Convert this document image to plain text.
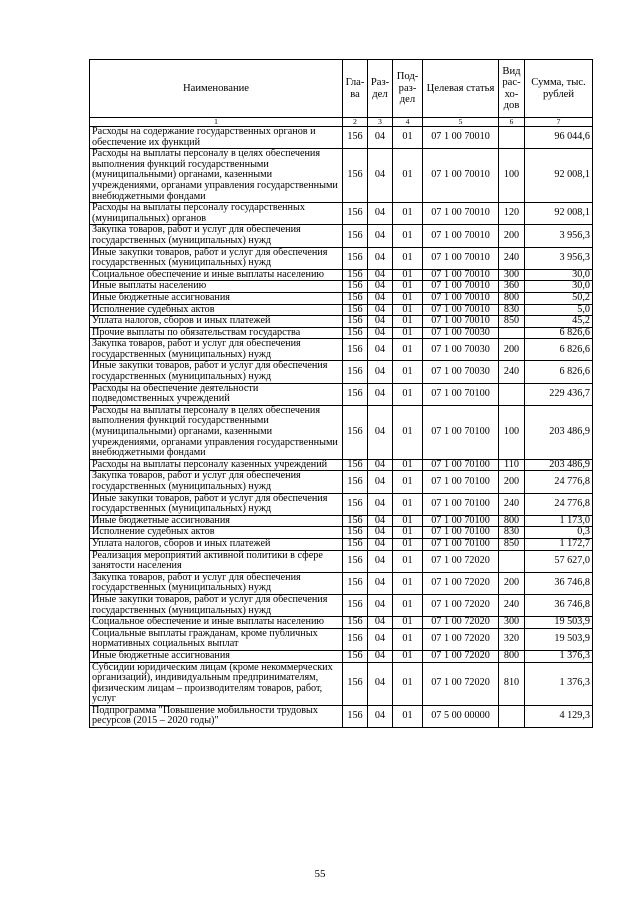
Наименование	Гла-ва	Раз-дел	Под-раз-дел	Целевая статья	Вид рас-хо-дов	Сумма, тыс. рублей
1	2	3	4	5	6	7
Расходы на содержание государственных органов и обеспечение их функций	156	04	01	07 1 00 70010		96 044,6
Расходы на выплаты персоналу в целях обеспечения выполнения функций государственными (муниципальными) органами, казенными учреждениями, органами управления государственными внебюджетными фондами	156	04	01	07 1 00 70010	100	92 008,1
Расходы на выплаты персоналу государственных (муниципальных) органов	156	04	01	07 1 00 70010	120	92 008,1
Закупка товаров, работ и услуг для обеспечения государственных (муниципальных) нужд	156	04	01	07 1 00 70010	200	3 956,3
Иные закупки товаров, работ и услуг для обеспечения государственных (муниципальных) нужд	156	04	01	07 1 00 70010	240	3 956,3
Социальное обеспечение и иные выплаты населению	156	04	01	07 1 00 70010	300	30,0
Иные выплаты населению	156	04	01	07 1 00 70010	360	30,0
Иные бюджетные ассигнования	156	04	01	07 1 00 70010	800	50,2
Исполнение судебных актов	156	04	01	07 1 00 70010	830	5,0
Уплата налогов, сборов и иных платежей	156	04	01	07 1 00 70010	850	45,2
Прочие выплаты по обязательствам государства	156	04	01	07 1 00 70030		6 826,6
Закупка товаров, работ и услуг для обеспечения государственных (муниципальных) нужд	156	04	01	07 1 00 70030	200	6 826,6
Иные закупки товаров, работ и услуг для обеспечения государственных (муниципальных) нужд	156	04	01	07 1 00 70030	240	6 826,6
Расходы на обеспечение деятельности подведомственных учреждений	156	04	01	07 1 00 70100		229 436,7
Расходы на выплаты персоналу в целях обеспечения выполнения функций государственными (муниципальными) органами, казенными учреждениями, органами управления государственными внебюджетными фондами	156	04	01	07 1 00 70100	100	203 486,9
Расходы на выплаты персоналу казенных учреждений	156	04	01	07 1 00 70100	110	203 486,9
Закупка товаров, работ и услуг для обеспечения государственных (муниципальных) нужд	156	04	01	07 1 00 70100	200	24 776,8
Иные закупки товаров, работ и услуг для обеспечения государственных (муниципальных) нужд	156	04	01	07 1 00 70100	240	24 776,8
Иные бюджетные ассигнования	156	04	01	07 1 00 70100	800	1 173,0
Исполнение судебных актов	156	04	01	07 1 00 70100	830	0,3
Уплата налогов, сборов и иных платежей	156	04	01	07 1 00 70100	850	1 172,7
Реализация мероприятий активной политики в сфере занятости населения	156	04	01	07 1 00 72020		57 627,0
Закупка товаров, работ и услуг для обеспечения государственных (муниципальных) нужд	156	04	01	07 1 00 72020	200	36 746,8
Иные закупки товаров, работ и услуг для обеспечения государственных (муниципальных) нужд	156	04	01	07 1 00 72020	240	36 746,8
Социальное обеспечение и иные выплаты населению	156	04	01	07 1 00 72020	300	19 503,9
Социальные выплаты гражданам, кроме публичных нормативных социальных выплат	156	04	01	07 1 00 72020	320	19 503,9
Иные бюджетные ассигнования	156	04	01	07 1 00 72020	800	1 376,3
Субсидии юридическим лицам (кроме некоммерческих организаций), индивидуальным предпринимателям, физическим лицам – производителям товаров, работ, услуг	156	04	01	07 1 00 72020	810	1 376,3
Подпрограмма "Повышение мобильности трудовых ресурсов (2015 – 2020 годы)"	156	04	01	07 5 00 00000		4 129,3
55
